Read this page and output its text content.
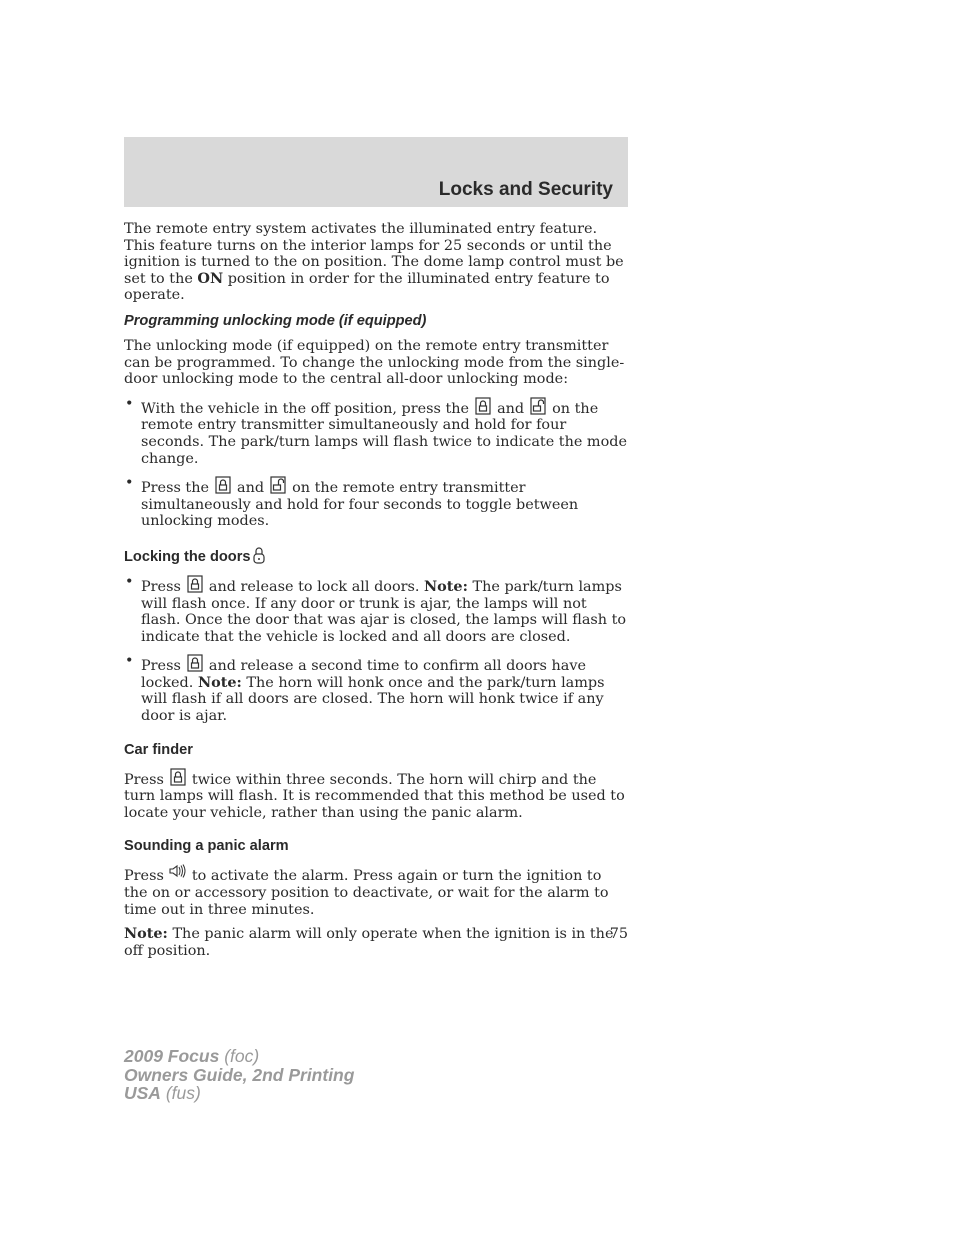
Locks and Security

The remote entry system activates the illuminated entry feature. This feature turns on the interior lamps for 25 seconds or until the ignition is turned to the on position. The dome lamp control must be set to the ON position in order for the illuminated entry feature to operate.

Programming unlocking mode (if equipped)

The unlocking mode (if equipped) on the remote entry transmitter can be programmed. To change the unlocking mode from the single-door unlocking mode to the central all-door unlocking mode:

• With the vehicle in the off position, press the and on the remote entry transmitter simultaneously and hold for four seconds. The park/turn lamps will flash twice to indicate the mode change.
• Press the and on the remote entry transmitter simultaneously and hold for four seconds to toggle between unlocking modes.
Locking the doors
• Press and release to lock all doors. Note: The park/turn lamps will flash once. If any door or trunk is ajar, the lamps will not flash. Once the door that was ajar is closed, the lamps will flash to indicate that the vehicle is locked and all doors are closed.
• Press and release a second time to confirm all doors have locked. Note: The horn will honk once and the park/turn lamps will flash if all doors are closed. The horn will honk twice if any door is ajar.
Car finder

Press twice within three seconds. The horn will chirp and the turn lamps will flash. It is recommended that this method be used to locate your vehicle, rather than using the panic alarm.

Sounding a panic alarm

Press to activate the alarm. Press again or turn the ignition to the on or accessory position to deactivate, or wait for the alarm to time out in three minutes.

Note: The panic alarm will only operate when the ignition is in the off position.

75
2009 Focus (foc)
Owners Guide, 2nd Printing
USA (fus)
